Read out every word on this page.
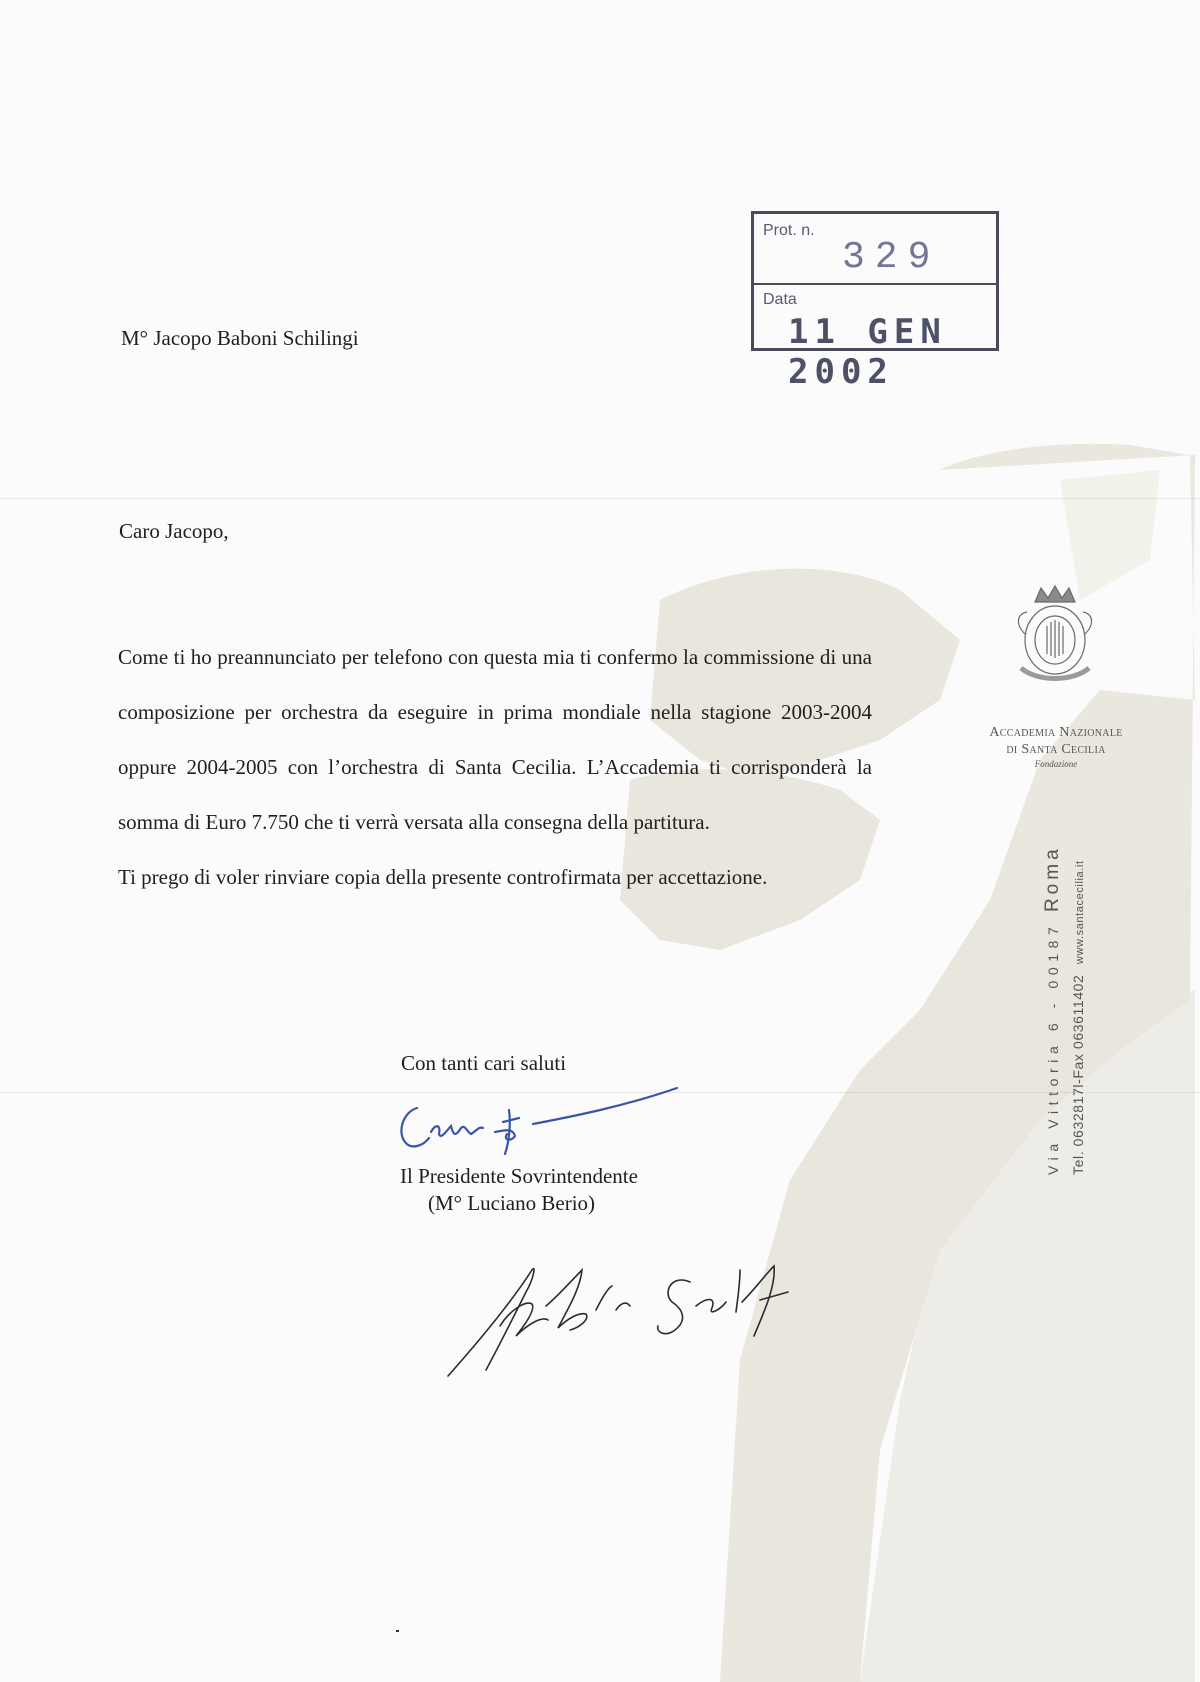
Prot. n.
329
Data
11 GEN 2002
M° Jacopo Baboni Schilingi
Caro Jacopo,

Come ti ho preannunciato per telefono con questa mia ti confermo la commissione di una composizione per orchestra da eseguire in prima mondiale nella stagione 2003-2004 oppure 2004-2005 con l’orchestra di Santa Cecilia. L’Accademia ti corrisponderà la somma di Euro 7.750 che ti verrà versata alla consegna della partitura.

Ti prego di voler rinviare copia della presente controfirmata per accettazione.

Con tanti cari saluti
Il Presidente Sovrintendente
(M° Luciano Berio)
Accademia Nazionale
di Santa Cecilia
Fondazione
Via Vittoria 6 - 00187 Roma
Tel. 0632817l-Fax 063611402 www.santacecilia.it
